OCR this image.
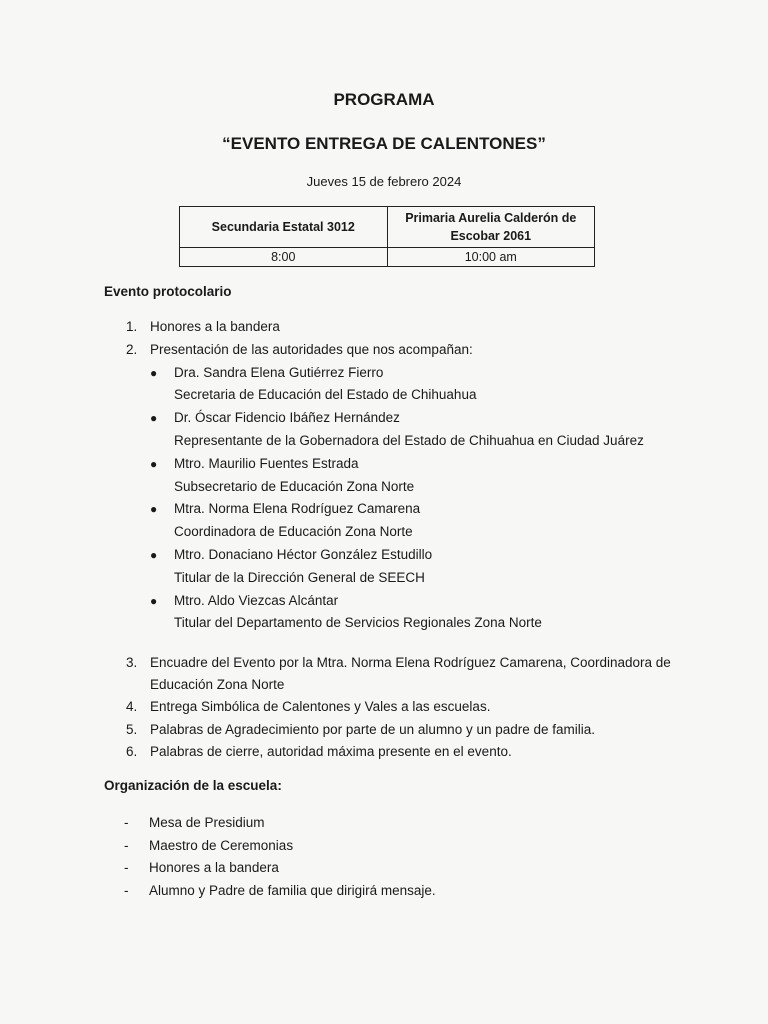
PROGRAMA
“EVENTO ENTREGA DE CALENTONES”
Jueves 15 de febrero 2024
Secundaria Estatal 3012	Primaria Aurelia Calderón de Escobar 2061
8:00	10:00 am
Evento protocolario
1. Honores a la bandera
2. Presentación de las autoridades que nos acompañan:
● Dra. Sandra Elena Gutiérrez Fierro
Secretaria de Educación del Estado de Chihuahua
● Dr. Óscar Fidencio Ibáñez Hernández
Representante de la Gobernadora del Estado de Chihuahua en Ciudad Juárez
● Mtro. Maurilio Fuentes Estrada
Subsecretario de Educación Zona Norte
● Mtra. Norma Elena Rodríguez Camarena
Coordinadora de Educación Zona Norte
● Mtro. Donaciano Héctor González Estudillo
Titular de la Dirección General de SEECH
● Mtro. Aldo Viezcas Alcántar
Titular del Departamento de Servicios Regionales Zona Norte
3. Encuadre del Evento por la Mtra. Norma Elena Rodríguez Camarena, Coordinadora de Educación Zona Norte
4. Entrega Simbólica de Calentones y Vales a las escuelas.
5. Palabras de Agradecimiento por parte de un alumno y un padre de familia.
6. Palabras de cierre, autoridad máxima presente en el evento.
Organización de la escuela:
- Mesa de Presidium
- Maestro de Ceremonias
- Honores a la bandera
- Alumno y Padre de familia que dirigirá mensaje.
